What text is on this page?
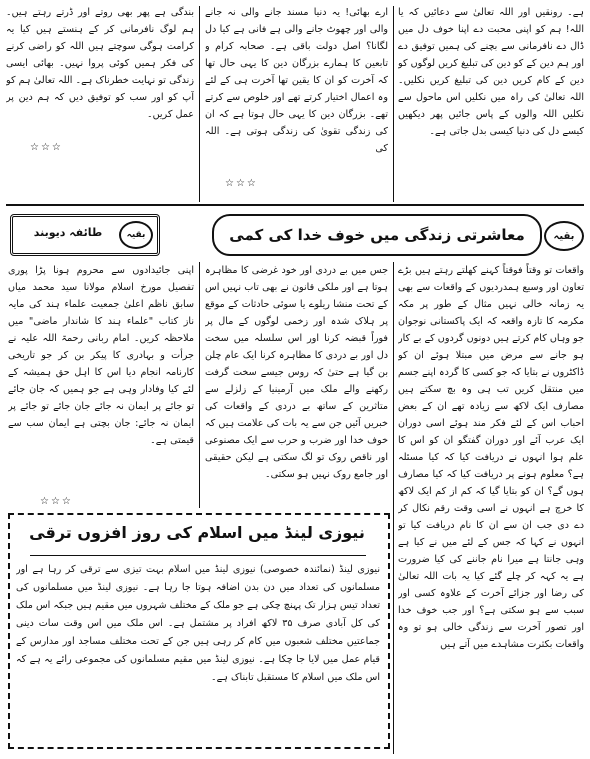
ہے۔ رونقیں اور اللہ تعالیٰ سے دعائیں کہ یا اللہ! ہم کو اپنی محبت دے اپنا خوف دل میں ڈال دے نافرمانی سے بچنے کی ہمیں توفیق دے اور ہم دین کے کو دین کی تبلیغ کریں لوگوں کو دین کے کام کریں دین کی تبلیغ کریں نکلیں۔ اللہ تعالیٰ کی راہ میں نکلیں اس ماحول سے نکلیں اللہ والوں کے پاس جائیں پھر دیکھیں کیسے دل کی دنیا کیسی بدل جاتی ہے۔

ارے بھائی! یہ دنیا مسند جانے والی نہ جانے والی اور چھوٹ جانے والی ہے فانی ہے کیا دل لگانا؟ اصل دولت باقی ہے۔ صحابہ کرام و تابعین کا ہمارے بزرگان دین کا یہی حال تھا کہ آخرت کو ان کا یقین تھا آخرت ہی کے لئے وہ اعمال اختیار کرتے تھے اور خلوص سے کرتے تھے۔ بزرگان دین کا یہی حال ہوتا ہے کہ ان کی زندگی تقویٰ کی زندگی ہوتی ہے۔ اللہ کی

☆☆☆

بندگی ہے پھر بھی روتے اور ڈرتے رہتے ہیں۔ ہم لوگ نافرمانی کر کے ہنستے ہیں کیا یہ کرامت ہوگی سوچتے ہیں اللہ کو راضی کرنے کی فکر ہمیں کوئی پروا نہیں۔ بھائی ایسی زندگی تو نہایت خطرناک ہے۔ اللہ تعالیٰ ہم کو آپ کو اور سب کو توفیق دیں کہ ہم دین پر عمل کریں۔

☆☆☆
بقیہ
معاشرتی زندگی میں خوف خدا کی کمی
بقیہ
طائفہ دیوبند

واقعات تو وقتاً فوقتاً کہنے کھلتے رہتے ہیں بڑے تعاون اور وسیع ہمدردیوں کے واقعات سے بھی یہ زمانہ خالی نہیں مثال کے طور پر مکہ مکرمہ کا تازہ واقعہ کہ ایک پاکستانی نوجوان جو وہاں کام کرتے ہیں دونوں گردوں کے بے کار ہو جانے سے مرض میں مبتلا ہوئے ان کو ڈاکٹروں نے بتایا کہ جو کسی کا گردہ اپنے جسم میں منتقل کریں تب ہی وہ بچ سکتے ہیں مصارف ایک لاکھ سے زیادہ تھے ان کے بعض احباب اس کے لئے فکر مند ہوئے اسی دوران ایک عرب آئے اور دوران گفتگو ان کو اس کا علم ہوا انہوں نے دریافت کیا کہ کیا مسئلہ ہے؟ معلوم ہونے پر دریافت کیا کہ کیا مصارف ہوں گے؟ ان کو بتایا گیا کہ کم از کم ایک لاکھ کا خرچ ہے انہوں نے اسی وقت رقم نکال کر دے دی جب ان سے ان کا نام دریافت کیا تو انہوں نے کہا کہ جس کے لئے میں نے کیا ہے وہی جانتا ہے میرا نام جاننے کی کیا ضرورت ہے یہ کہہ کر چلے گئے کیا یہ بات اللہ تعالیٰ کی رضا اور جزائے آخرت کے علاوہ کسی اور سبب سے ہو سکتی ہے؟ اور جب خوف خدا اور تصور آخرت سے زندگی خالی ہو تو وہ واقعات بکثرت مشاہدے میں آتے ہیں

جس میں بے دردی اور خود غرضی کا مظاہرہ ہوتا ہے اور ملکی قانون نے بھی تاب نہیں اس کے تحت منشا ریلوے یا سوئی حادثات کے موقع پر ہلاک شدہ اور زخمی لوگوں کے مال پر فوراً قبضہ کرنا اور اس سلسلہ میں سخت دل اور بے دردی کا مظاہرہ کرنا ایک عام چلن بن گیا ہے حتیٰ کہ روس جیسے سخت گرفت رکھنے والے ملک میں آرمینیا کے زلزلے سے متاثرین کے ساتھ بے دردی کے واقعات کی خبریں آئیں جن سے یہ بات کی علامت ہیں کہ خوف خدا اور ضرب و حرب سے ایک مصنوعی اور ناقص روک تو لگ سکتی ہے لیکن حقیقی اور جامع روک نہیں ہو سکتی۔

اپنی جائیدادوں سے محروم ہونا پڑا پوری تفصیل مورخ اسلام مولانا سید محمد میاں سابق ناظم اعلیٰ جمعیت علماء ہند کی مایہ ناز کتاب "علماء ہند کا شاندار ماضی" میں ملاحظہ کریں۔ امام ربانی رحمۃ اللہ علیہ نے جرأت و بہادری کا پیکر بن کر جو تاریخی کارنامہ انجام دیا اس کا اہل حق ہمیشہ کے لئے کیا وفادار وہی ہے جو ہمیں کہ جان جائے تو جائے پر ایمان نہ جائے جان جائے تو جائے پر ایمان نہ جائے: جان بچتی ہے ایمان سب سے قیمتی ہے۔

☆☆☆
نیوزی لینڈ میں اسلام کی روز افزوں ترقی

نیوزی لینڈ (نمائندہ خصوصی) نیوزی لینڈ میں اسلام بہت تیزی سے ترقی کر رہا ہے اور مسلمانوں کی تعداد میں دن بدن اضافہ ہوتا جا رہا ہے۔ نیوزی لینڈ میں مسلمانوں کی تعداد تیس ہزار تک پہنچ چکی ہے جو ملک کے مختلف شہروں میں مقیم ہیں جبکہ اس ملک کی کل آبادی صرف ۳۵ لاکھ افراد پر مشتمل ہے۔ اس ملک میں اس وقت سات دینی جماعتیں مختلف شعبوں میں کام کر رہی ہیں جن کے تحت مختلف مساجد اور مدارس کے قیام عمل میں لایا جا چکا ہے۔ نیوزی لینڈ میں مقیم مسلمانوں کی مجموعی رائے یہ ہے کہ اس ملک میں اسلام کا مستقبل تابناک ہے۔
